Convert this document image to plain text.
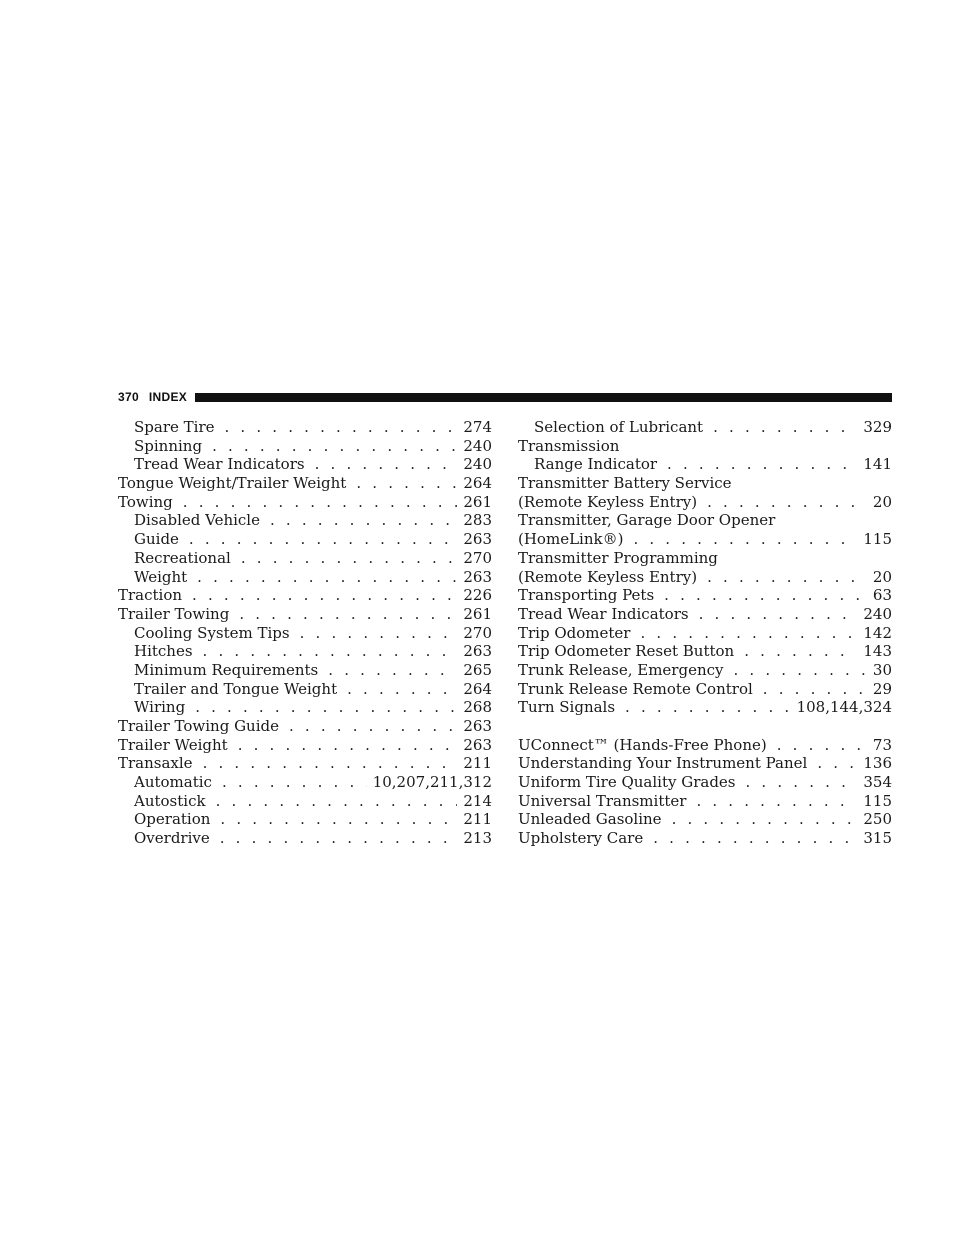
370 INDEX
Spare Tire . . .	274
Spinning . . .	240
Tread Wear Indicators . . .	240
Tongue Weight/Trailer Weight . . .	264
Towing . . .	261
Disabled Vehicle . . .	283
Guide . . .	263
Recreational . . .	270
Weight . . .	263
Traction . . .	226
Trailer Towing . . .	261
Cooling System Tips . . .	270
Hitches . . .	263
Minimum Requirements . . .	265
Trailer and Tongue Weight . . .	264
Wiring . . .	268
Trailer Towing Guide . . .	263
Trailer Weight . . .	263
Transaxle . . .	211
Automatic . . .	10,207,211,312
Autostick . . .	214
Operation . . .	211
Overdrive . . .	213
Selection of Lubricant . . .	329
Transmission
Range Indicator . . .	141
Transmitter Battery Service
(Remote Keyless Entry) . . .	20
Transmitter, Garage Door Opener
(HomeLink®) . . .	115
Transmitter Programming
(Remote Keyless Entry) . . .	20
Transporting Pets . . .	63
Tread Wear Indicators . . .	240
Trip Odometer . . .	142
Trip Odometer Reset Button . . .	143
Trunk Release, Emergency . . .	30
Trunk Release Remote Control . . .	29
Turn Signals . . .	108,144,324
UConnect™ (Hands-Free Phone) . . .	73
Understanding Your Instrument Panel . . .	136
Uniform Tire Quality Grades . . .	354
Universal Transmitter . . .	115
Unleaded Gasoline . . .	250
Upholstery Care . . .	315
